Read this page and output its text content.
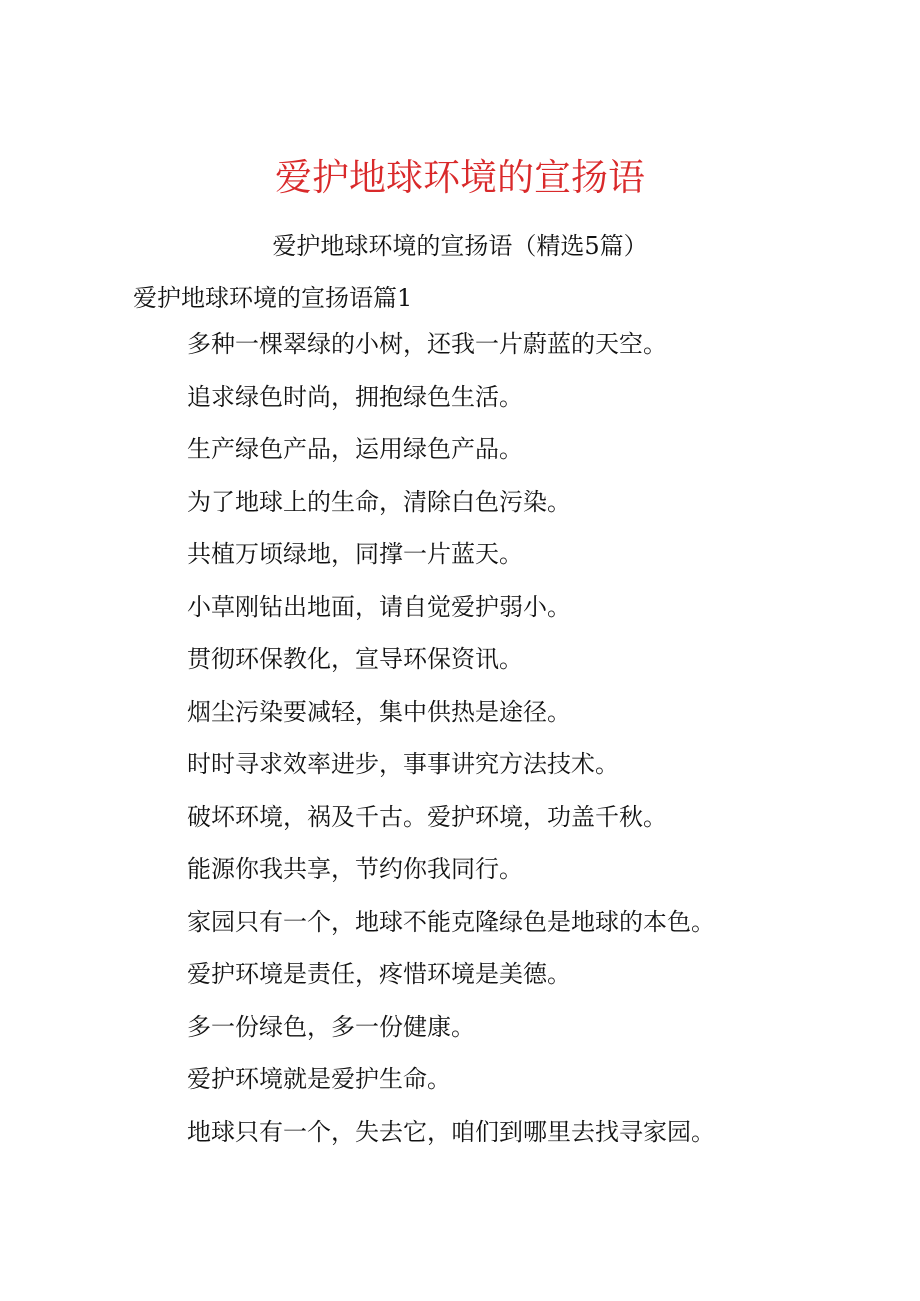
爱护地球环境的宣扬语
爱护地球环境的宣扬语（精选5篇）
爱护地球环境的宣扬语篇1
多种一棵翠绿的小树，还我一片蔚蓝的天空。
追求绿色时尚，拥抱绿色生活。
生产绿色产品，运用绿色产品。
为了地球上的生命，清除白色污染。
共植万顷绿地，同撑一片蓝天。
小草刚钻出地面，请自觉爱护弱小。
贯彻环保教化，宣导环保资讯。
烟尘污染要减轻，集中供热是途径。
时时寻求效率进步，事事讲究方法技术。
破坏环境，祸及千古。爱护环境，功盖千秋。
能源你我共享，节约你我同行。
家园只有一个，地球不能克隆绿色是地球的本色。
爱护环境是责任，疼惜环境是美德。
多一份绿色，多一份健康。
爱护环境就是爱护生命。
地球只有一个，失去它，咱们到哪里去找寻家园。
